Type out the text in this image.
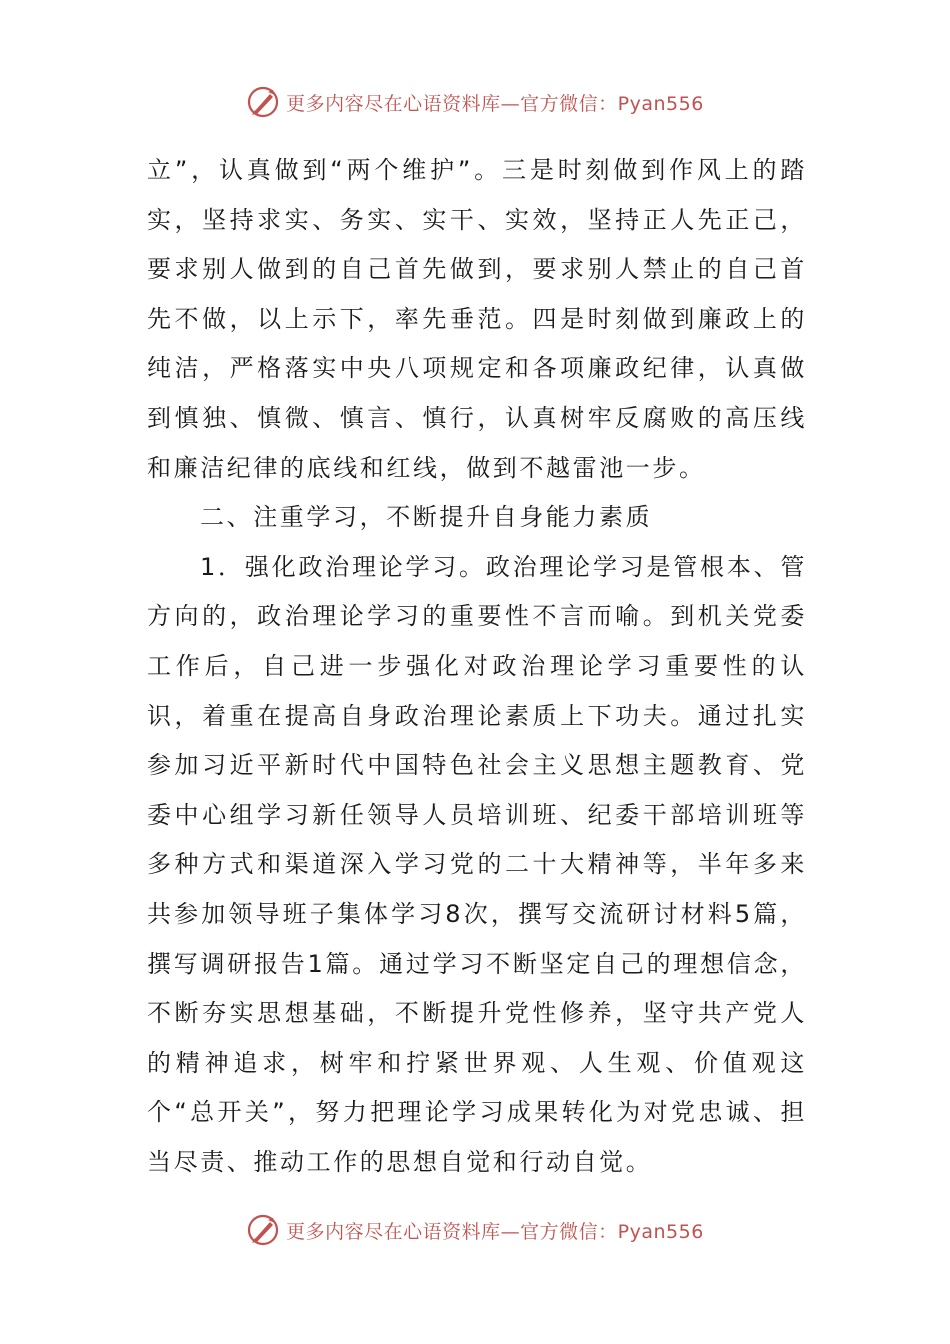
更多内容尽在心语资料库—官方微信：Pyan556

立”，认真做到“两个维护”。三是时刻做到作风上的踏实，坚持求实、务实、实干、实效，坚持正人先正己，要求别人做到的自己首先做到，要求别人禁止的自己首先不做，以上示下，率先垂范。四是时刻做到廉政上的纯洁，严格落实中央八项规定和各项廉政纪律，认真做到慎独、慎微、慎言、慎行，认真树牢反腐败的高压线和廉洁纪律的底线和红线，做到不越雷池一步。

二、注重学习，不断提升自身能力素质

1．强化政治理论学习。政治理论学习是管根本、管方向的，政治理论学习的重要性不言而喻。到机关党委工作后，自己进一步强化对政治理论学习重要性的认识，着重在提高自身政治理论素质上下功夫。通过扎实参加习近平新时代中国特色社会主义思想主题教育、党委中心组学习新任领导人员培训班、纪委干部培训班等多种方式和渠道深入学习党的二十大精神等，半年多来共参加领导班子集体学习8次，撰写交流研讨材料5篇，撰写调研报告1篇。通过学习不断坚定自己的理想信念，不断夯实思想基础，不断提升党性修养，坚守共产党人的精神追求，树牢和拧紧世界观、人生观、价值观这个“总开关”，努力把理论学习成果转化为对党忠诚、担当尽责、推动工作的思想自觉和行动自觉。

更多内容尽在心语资料库—官方微信：Pyan556
